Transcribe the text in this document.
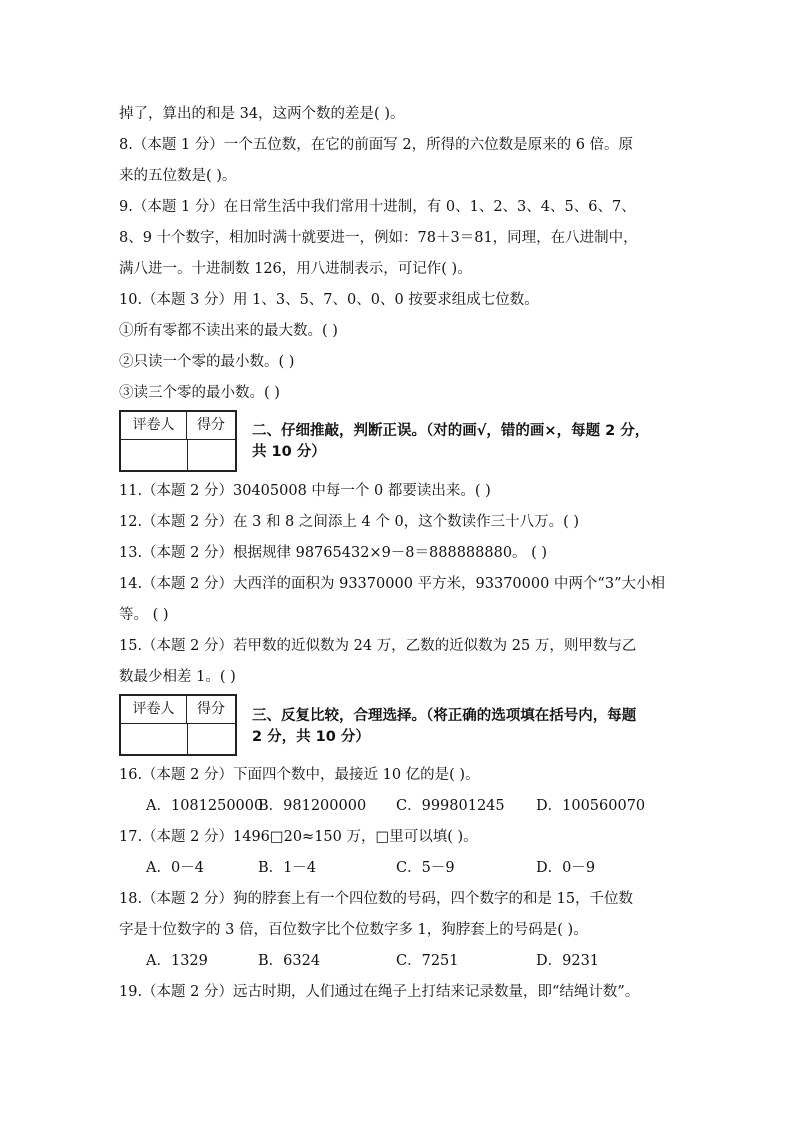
掉了，算出的和是 34，这两个数的差是( )。
8.（本题 1 分）一个五位数，在它的前面写 2，所得的六位数是原来的 6 倍。原
来的五位数是( )。
9.（本题 1 分）在日常生活中我们常用十进制，有 0、1、2、3、4、5、6、7、
8、9 十个数字，相加时满十就要进一，例如：78＋3＝81，同理，在八进制中，
满八进一。十进制数 126，用八进制表示，可记作( )。
10.（本题 3 分）用 1、3、5、7、0、0、0 按要求组成七位数。
①所有零都不读出来的最大数。( )
②只读一个零的最小数。( )
③读三个零的最小数。( )
评卷人	得分	二、仔细推敲，判断正误。（对的画√，错的画×，每题 2 分，
共 10 分）
11.（本题 2 分）30405008 中每一个 0 都要读出来。( )
12.（本题 2 分）在 3 和 8 之间添上 4 个 0，这个数读作三十八万。( )
13.（本题 2 分）根据规律 98765432×9－8＝888888880。 ( )
14.（本题 2 分）大西洋的面积为 93370000 平方米，93370000 中两个“3”大小相
等。 ( )
15.（本题 2 分）若甲数的近似数为 24 万，乙数的近似数为 25 万，则甲数与乙
数最少相差 1。( )
评卷人	得分	三、反复比较，合理选择。（将正确的选项填在括号内，每题
2 分，共 10 分）
16.（本题 2 分）下面四个数中，最接近 10 亿的是( )。
A．1081250000
B．981200000 C．999801245 D．100560070
17.（本题 2 分）1496□20≈150 万，□里可以填( )。
A．0－4	B．1－4	C．5－9	D．0－9
18.（本题 2 分）狗的脖套上有一个四位数的号码，四个数字的和是 15，千位数
字是十位数字的 3 倍，百位数字比个位数字多 1，狗脖套上的号码是( )。
A．1329	B．6324	C．7251	D．9231
19.（本题 2 分）远古时期，人们通过在绳子上打结来记录数量，即“结绳计数”。
